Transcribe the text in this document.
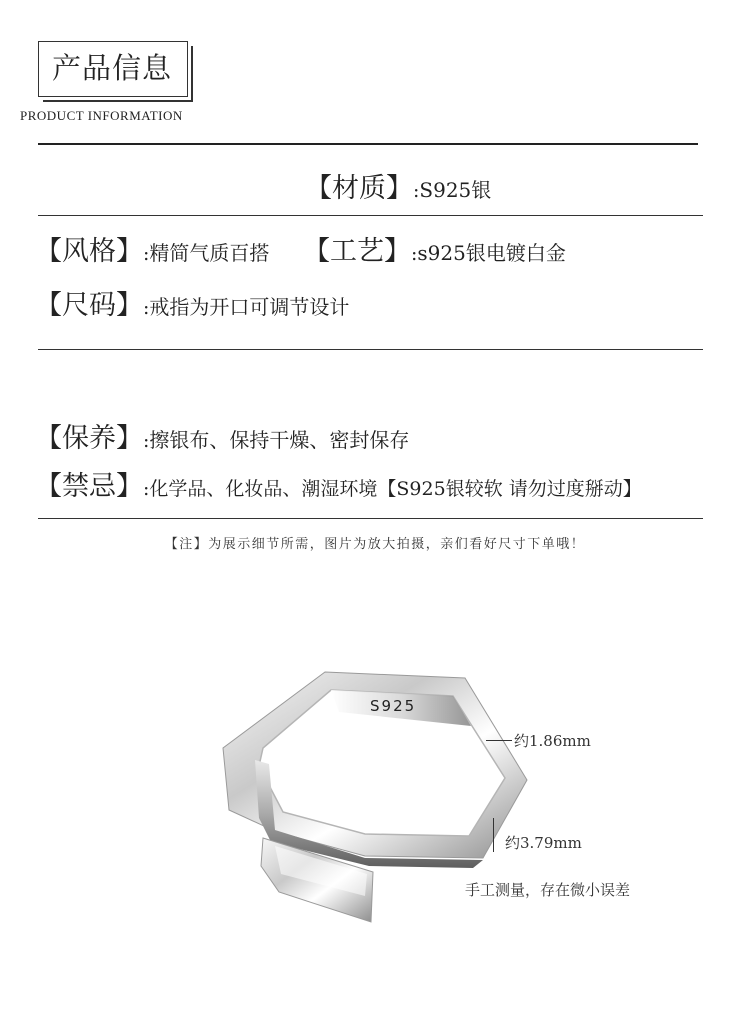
产品信息
PRODUCT INFORMATION
【材质】:S925银
【风格】:精简气质百搭 【工艺】:s925银电镀白金
【尺码】:戒指为开口可调节设计
【保养】:擦银布、保持干燥、密封保存
【禁忌】:化学品、化妆品、潮湿环境【S925银较软 请勿过度掰动】
【注】为展示细节所需，图片为放大拍摄，亲们看好尺寸下单哦！
S925
约1.86mm
约3.79mm
手工测量，存在微小误差
